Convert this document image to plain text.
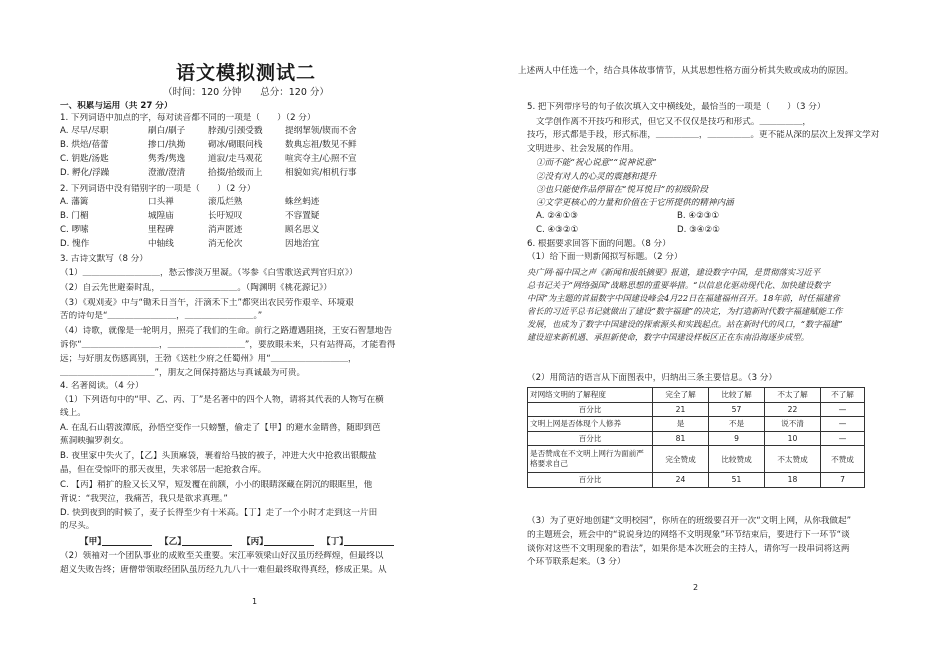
语文模拟测试二
（时间：120 分钟　　总分：120 分）
一、积累与运用（共 27 分）
1. 下列词语中加点的字，每对读音都不同的一项是（　　）（2 分）
A. 尽早/尽职	刷白/刷子	脖颈/引颈受戮	提纲挈领/锲而不舍
B. 烘焙/蓓蕾	掺口/执拗	砌冰/砌眼问栈	数典忘祖/数见不鲜
C. 钥匙/汤匙	隽秀/隽逸	道寂/走马观花	喧宾夺主/心照不宣
D. 孵化/浮躁	澄澈/澄清	拾掇/拾级而上	相貌如宾/相机行事
2. 下列词语中没有错别字的一项是（　　）（2 分）
A. 藩篱	口头禅	滚瓜烂熟	蛛丝蚂迹
B. 门楣	城隍庙	长吁短叹	不容置疑
C. 啰嗦	里程碑	消声匿迹	顾名思义
D. 愧作	中轴线	消无伦次	因地治宜
3. 古诗文默写（8 分）
（1）＿＿＿＿＿＿＿＿＿，愁云惨淡万里凝。（岑参《白雪歌送武判官归京》）
（2）自云先世避秦时乱，＿＿＿＿＿＿＿＿＿。（陶渊明《桃花源记》）
（3）《观刈麦》中与“锄禾日当午，汗滴禾下土”都突出农民劳作艰辛、环境艰
苦的诗句是“＿＿＿＿＿＿＿＿，＿＿＿＿＿＿＿＿。”
（4）诗歌，就像是一轮明月，照亮了我们的生命。前行之路遭遇阻挠，王安石智慧地告
诉你“＿＿＿＿＿＿＿＿＿，＿＿＿＿＿＿＿＿＿”，要放眼未来，只有站得高，才能看得
远；与好朋友伤感离别，王勃《送杜少府之任蜀州》用“＿＿＿＿＿＿＿＿＿，
＿＿＿＿＿＿＿＿＿＿＿”，朋友之间保持豁达与真诚最为可贵。
4. 名著阅读。（4 分）
（1）下列语句中的“甲、乙、丙、丁”是名著中的四个人物，请将其代表的人物写在横
线上。
A. 在乱石山碧波潭底，孙悟空变作一只螃蟹，偷走了【甲】的避水金睛兽，随即到芭
蕉洞映骗罗刹女。
B. 夜里家中失火了，【乙】头顶麻袋，裹着给马披的被子，冲进大火中抢救出银酸盐
晶，但在受惊吓的那天夜里，失求邻居一起抢救合库。
C. 【丙】稍扩的脸又长又窄，短发覆在前额，小小的眼睛深藏在阴沉的眼眶里，他
背说：“我哭泣，我痛苦，我只是欲求真理。”
D. 快到夜到的时候了，麦子长得至少有十米高。【丁】走了一个小时才走到这一片田
的尽头。
【甲】	【乙】	【丙】	【丁】
（2）领袖对一个团队事业的成败至关重要。宋江率领梁山好汉虽历经辉煌，但最终以
超义失败告终；唐僧带领取经团队虽历经九九八十一难但最终取得真经，修成正果。从
1
上述两人中任选一个，结合具体故事情节，从其思想性格方面分析其失败或成功的原因。
5. 把下列带序号的句子依次填入文中横线处，最恰当的一项是（　　）（3 分）
文学创作离不开技巧和形式，但它又不仅仅是技巧和形式。＿＿＿＿＿，
技巧，形式都是手段，形式标准，＿＿＿＿＿，＿＿＿＿＿。更不能从深的层次上发挥文学对
文明进步、社会发展的作用。
①而不能“祝心说意”“说神说意”
②没有对人的心灵的震撼和提升
③也只能使作品停留在“悦耳悦目”的初级阶段
④文学更核心的力量和价值在于它所提供的精神内涵
A. ②④①③	B. ④②③①
C. ④③②①	D. ③④②①
6. 根据要求回答下面的问题。（8 分）
（1）给下面一则新闻拟写标题。（2 分）
央广网·福中国之声《新闻和报纸摘要》报道，建设数字中国，是贯彻落实习近平
总书记关于“网络强国”战略思想的重要举措。“以信息化驱动现代化、加快建设数字
中国”为主题的首届数字中国建设峰会4月22日在福建福州召开。18年前，时任福建省
省长的习近平总书记就做出了建设“数字福建”的决定，为打造新时代数字福建赋能工作
发展，也成为了数字中国建设的探索源头和实践起点。站在新时代的风口，“数字福建”
建设迎来新机遇、承担新使命，数字中国建设样板区正在东南沿海逐步成型。
（2）用简洁的语言从下面图表中，归纳出三条主要信息。（3 分）
对网络文明的了解程度	完全了解	比较了解	不太了解	不了解
百分比	21	57	22	—
文明上网是否体现个人修养	是	不是	说不清	—
百分比	81	9	10	—
是否赞成在不文明上网行为面前严格要求自己	完全赞成	比较赞成	不太赞成	不赞成
百分比	24	51	18	7
（3）为了更好地创建“文明校园”，你所在的班级要召开一次“文明上网，从你我做起”
的主题班会，班会中的“说说身边的网络不文明现象”环节结束后，要进行下一环节“谈
谈你对这些不文明现象的看法”，如果你是本次班会的主持人，请你写一段串词将这两
个环节联系起来。（3 分）
2
